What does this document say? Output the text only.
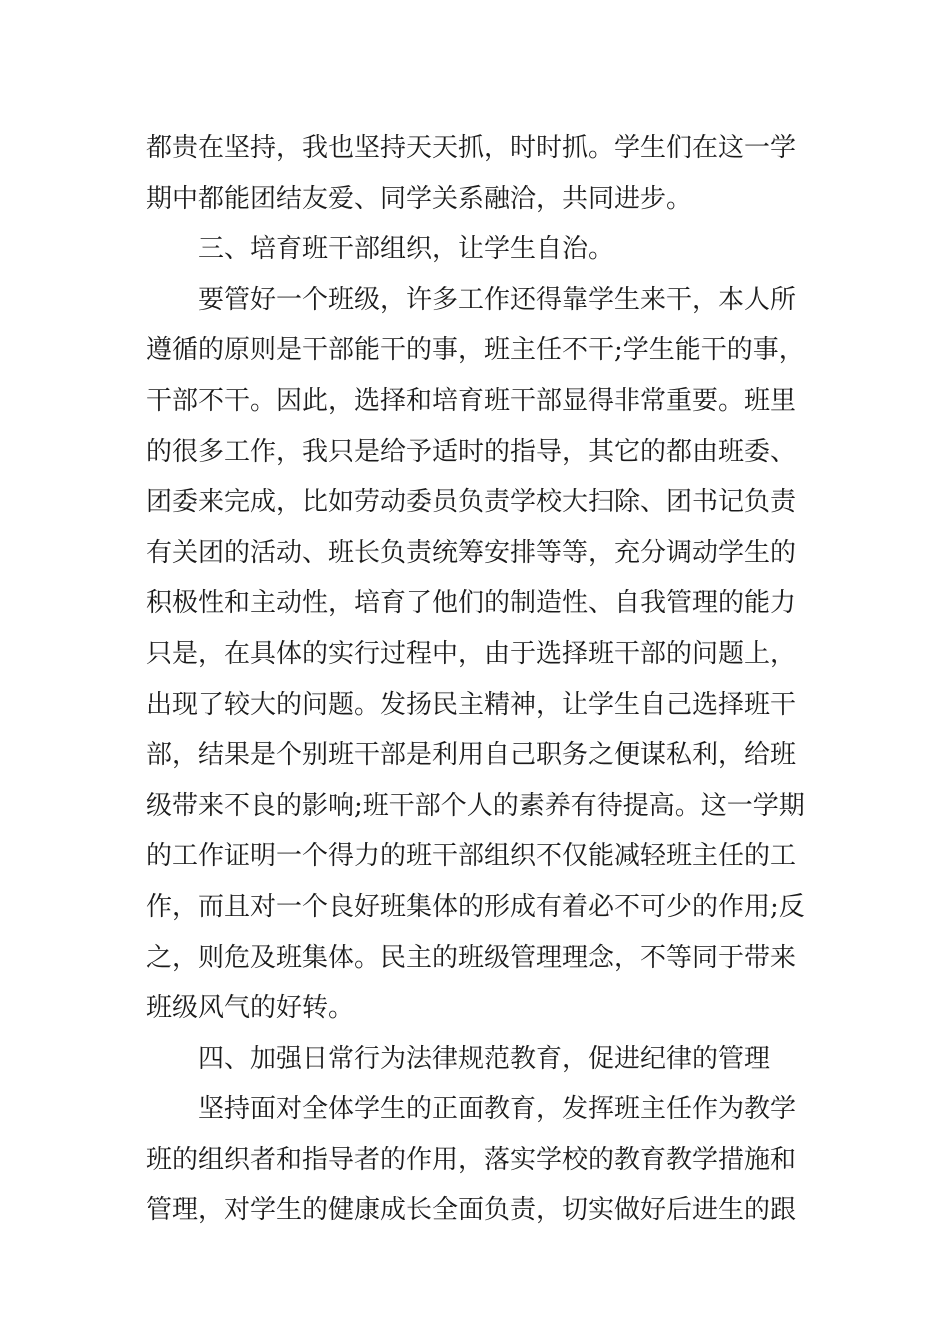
都贵在坚持，我也坚持天天抓，时时抓。学生们在这一学
期中都能团结友爱、同学关系融洽，共同进步。
三、培育班干部组织，让学生自治。
要管好一个班级，许多工作还得靠学生来干，本人所
遵循的原则是干部能干的事，班主任不干;学生能干的事，
干部不干。因此，选择和培育班干部显得非常重要。班里
的很多工作，我只是给予适时的指导，其它的都由班委、
团委来完成，比如劳动委员负责学校大扫除、团书记负责
有关团的活动、班长负责统筹安排等等，充分调动学生的
积极性和主动性，培育了他们的制造性、自我管理的能力
只是，在具体的实行过程中，由于选择班干部的问题上，
出现了较大的问题。发扬民主精神，让学生自己选择班干
部，结果是个别班干部是利用自己职务之便谋私利，给班
级带来不良的影响;班干部个人的素养有待提高。这一学期
的工作证明一个得力的班干部组织不仅能减轻班主任的工
作，而且对一个良好班集体的形成有着必不可少的作用;反
之，则危及班集体。民主的班级管理理念，不等同于带来
班级风气的好转。
四、加强日常行为法律规范教育，促进纪律的管理
坚持面对全体学生的正面教育，发挥班主任作为教学
班的组织者和指导者的作用，落实学校的教育教学措施和
管理，对学生的健康成长全面负责，切实做好后进生的跟
